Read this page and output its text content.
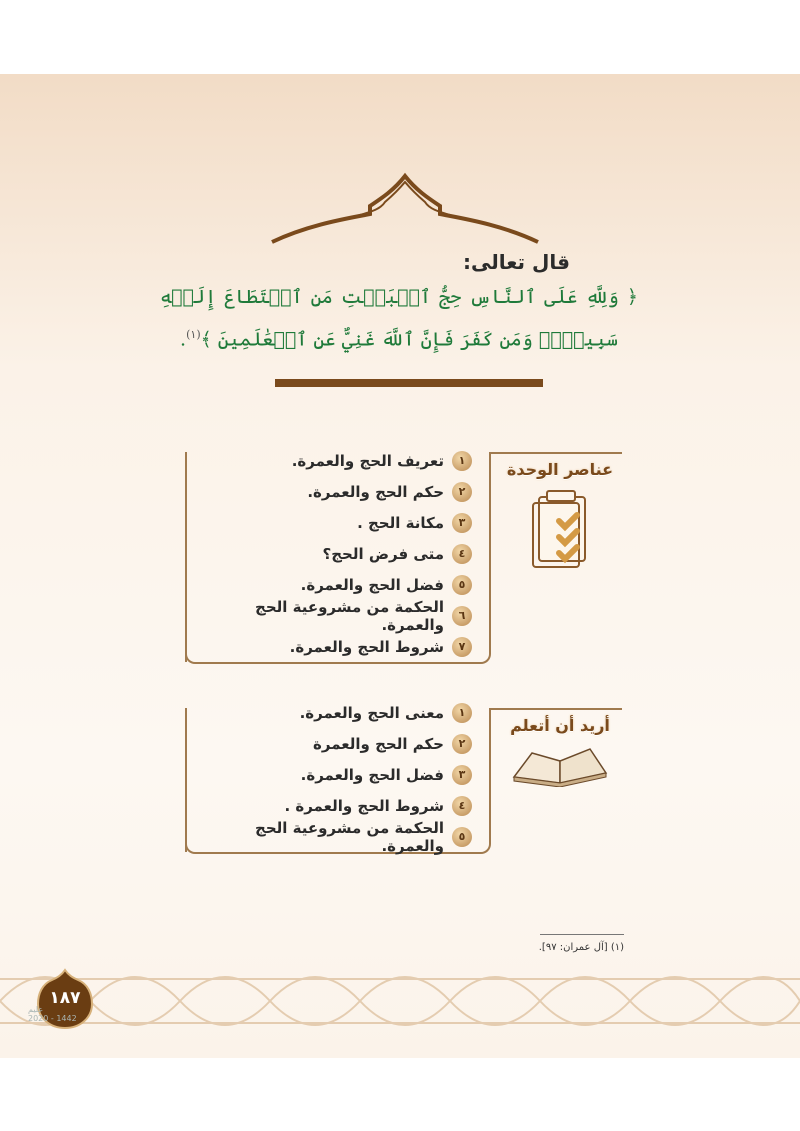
قال تعالى:
﴿ وَلِلَّهِ عَلَى ٱلنَّاسِ حِجُّ ٱلۡبَيۡتِ مَنِ ٱسۡتَطَاعَ إِلَيۡهِ سَبِيلٗاۚ وَمَن كَفَرَ فَإِنَّ ٱللَّهَ غَنِيٌّ عَنِ ٱلۡعَٰلَمِينَ ﴾$^{(١)}$.
١
تعريف الحج والعمرة.
٢
حكم الحج والعمرة.
٣
مكانة الحج .
٤
متى فرض الحج؟
٥
فضل الحج والعمرة.
٦
الحكمة من مشروعية الحج والعمرة.
٧
شروط الحج والعمرة.
عناصر الوحدة
١
معنى الحج والعمرة.
٢
حكم الحج والعمرة
٣
فضل الحج والعمرة.
٤
شروط الحج والعمرة .
٥
الحكمة من مشروعية الحج والعمرة.
أريد أن أتعلم
(١) [آل عمران: ٩٧].
١٨٧
عليم
2020 - 1442
